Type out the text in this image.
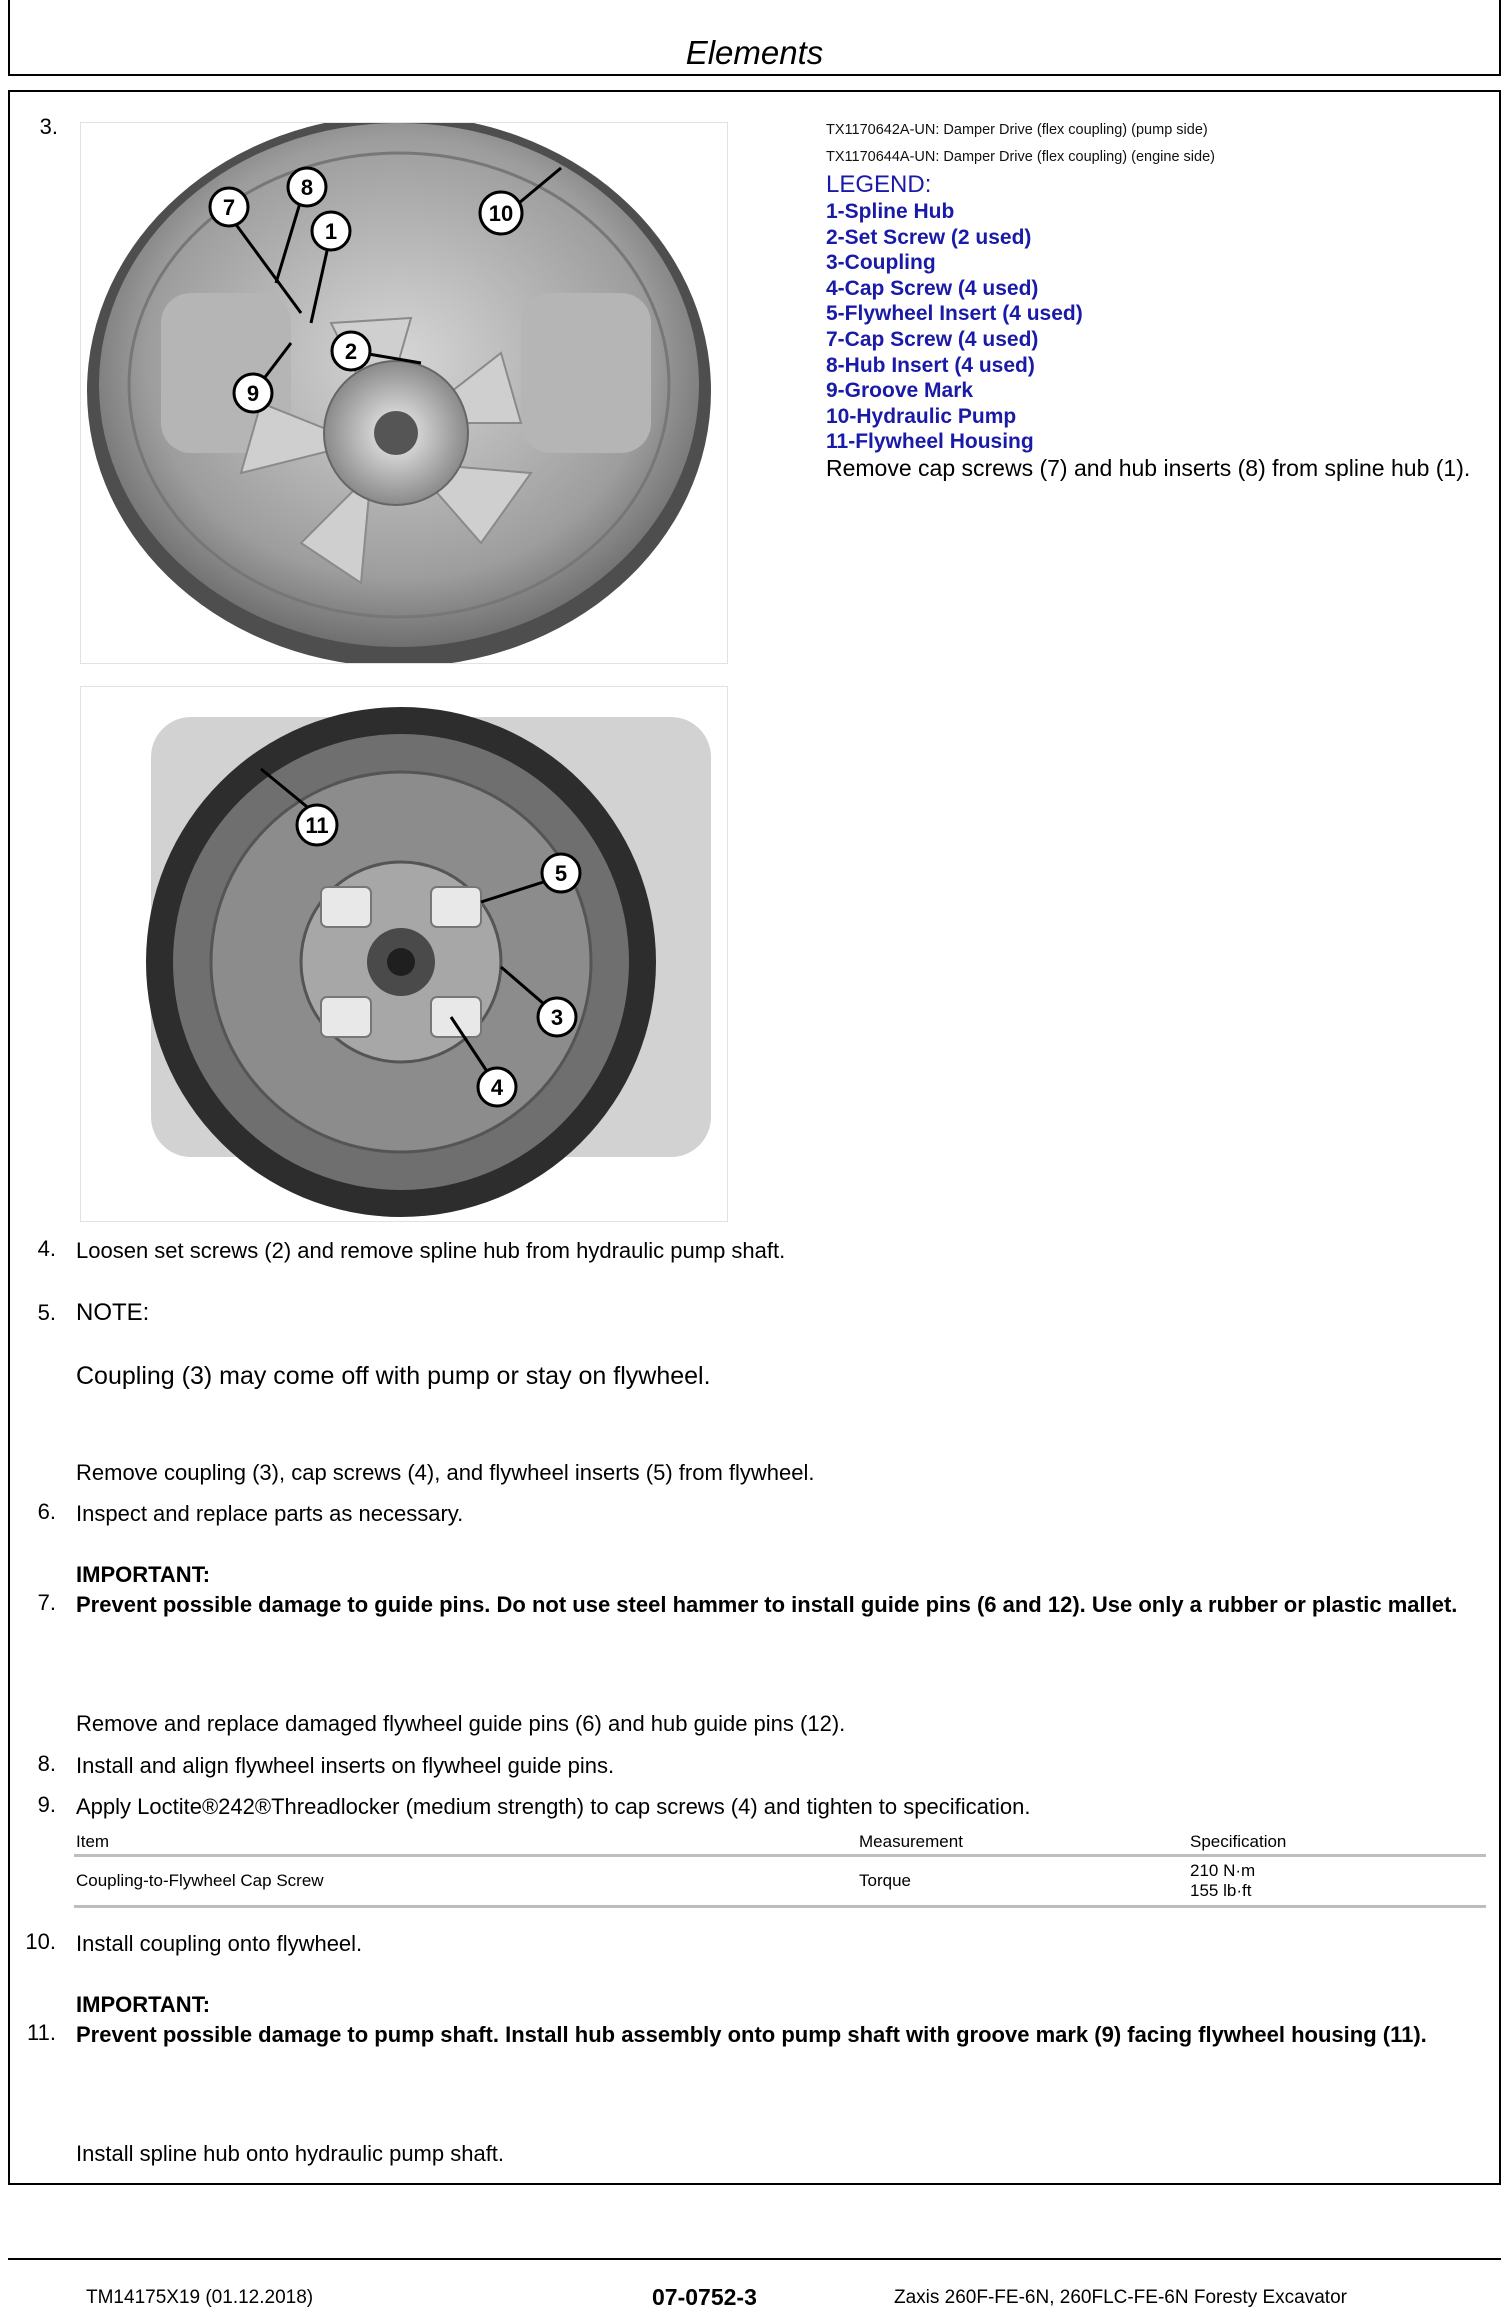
Elements
3.
7
8
1
10
2
9
11
5
3
4
TX1170642A-UN: Damper Drive (flex coupling) (pump side)
TX1170644A-UN: Damper Drive (flex coupling) (engine side)
LEGEND:
1-Spline Hub
2-Set Screw (2 used)
3-Coupling
4-Cap Screw (4 used)
5-Flywheel Insert (4 used)
7-Cap Screw (4 used)
8-Hub Insert (4 used)
9-Groove Mark
10-Hydraulic Pump
11-Flywheel Housing
Remove cap screws (7) and hub inserts (8) from spline hub (1).
4. Loosen set screws (2) and remove spline hub from hydraulic pump shaft.
5. NOTE:
Coupling (3) may come off with pump or stay on flywheel.
Remove coupling (3), cap screws (4), and flywheel inserts (5) from flywheel.
6. Inspect and replace parts as necessary.
IMPORTANT:
7. Prevent possible damage to guide pins. Do not use steel hammer to install guide pins (6 and 12). Use only a rubber or plastic mallet.
Remove and replace damaged flywheel guide pins (6) and hub guide pins (12).
8. Install and align flywheel inserts on flywheel guide pins.
9. Apply Loctite®242®Threadlocker (medium strength) to cap screws (4) and tighten to specification.
Item	Measurement	Specification
Coupling-to-Flywheel Cap Screw	Torque	210 N·m
155 lb·ft
10. Install coupling onto flywheel.
IMPORTANT:
11. Prevent possible damage to pump shaft. Install hub assembly onto pump shaft with groove mark (9) facing flywheel housing (11).
Install spline hub onto hydraulic pump shaft.
TM14175X19 (01.12.2018)	07-0752-3	Zaxis 260F-FE-6N, 260FLC-FE-6N Foresty Excavator
